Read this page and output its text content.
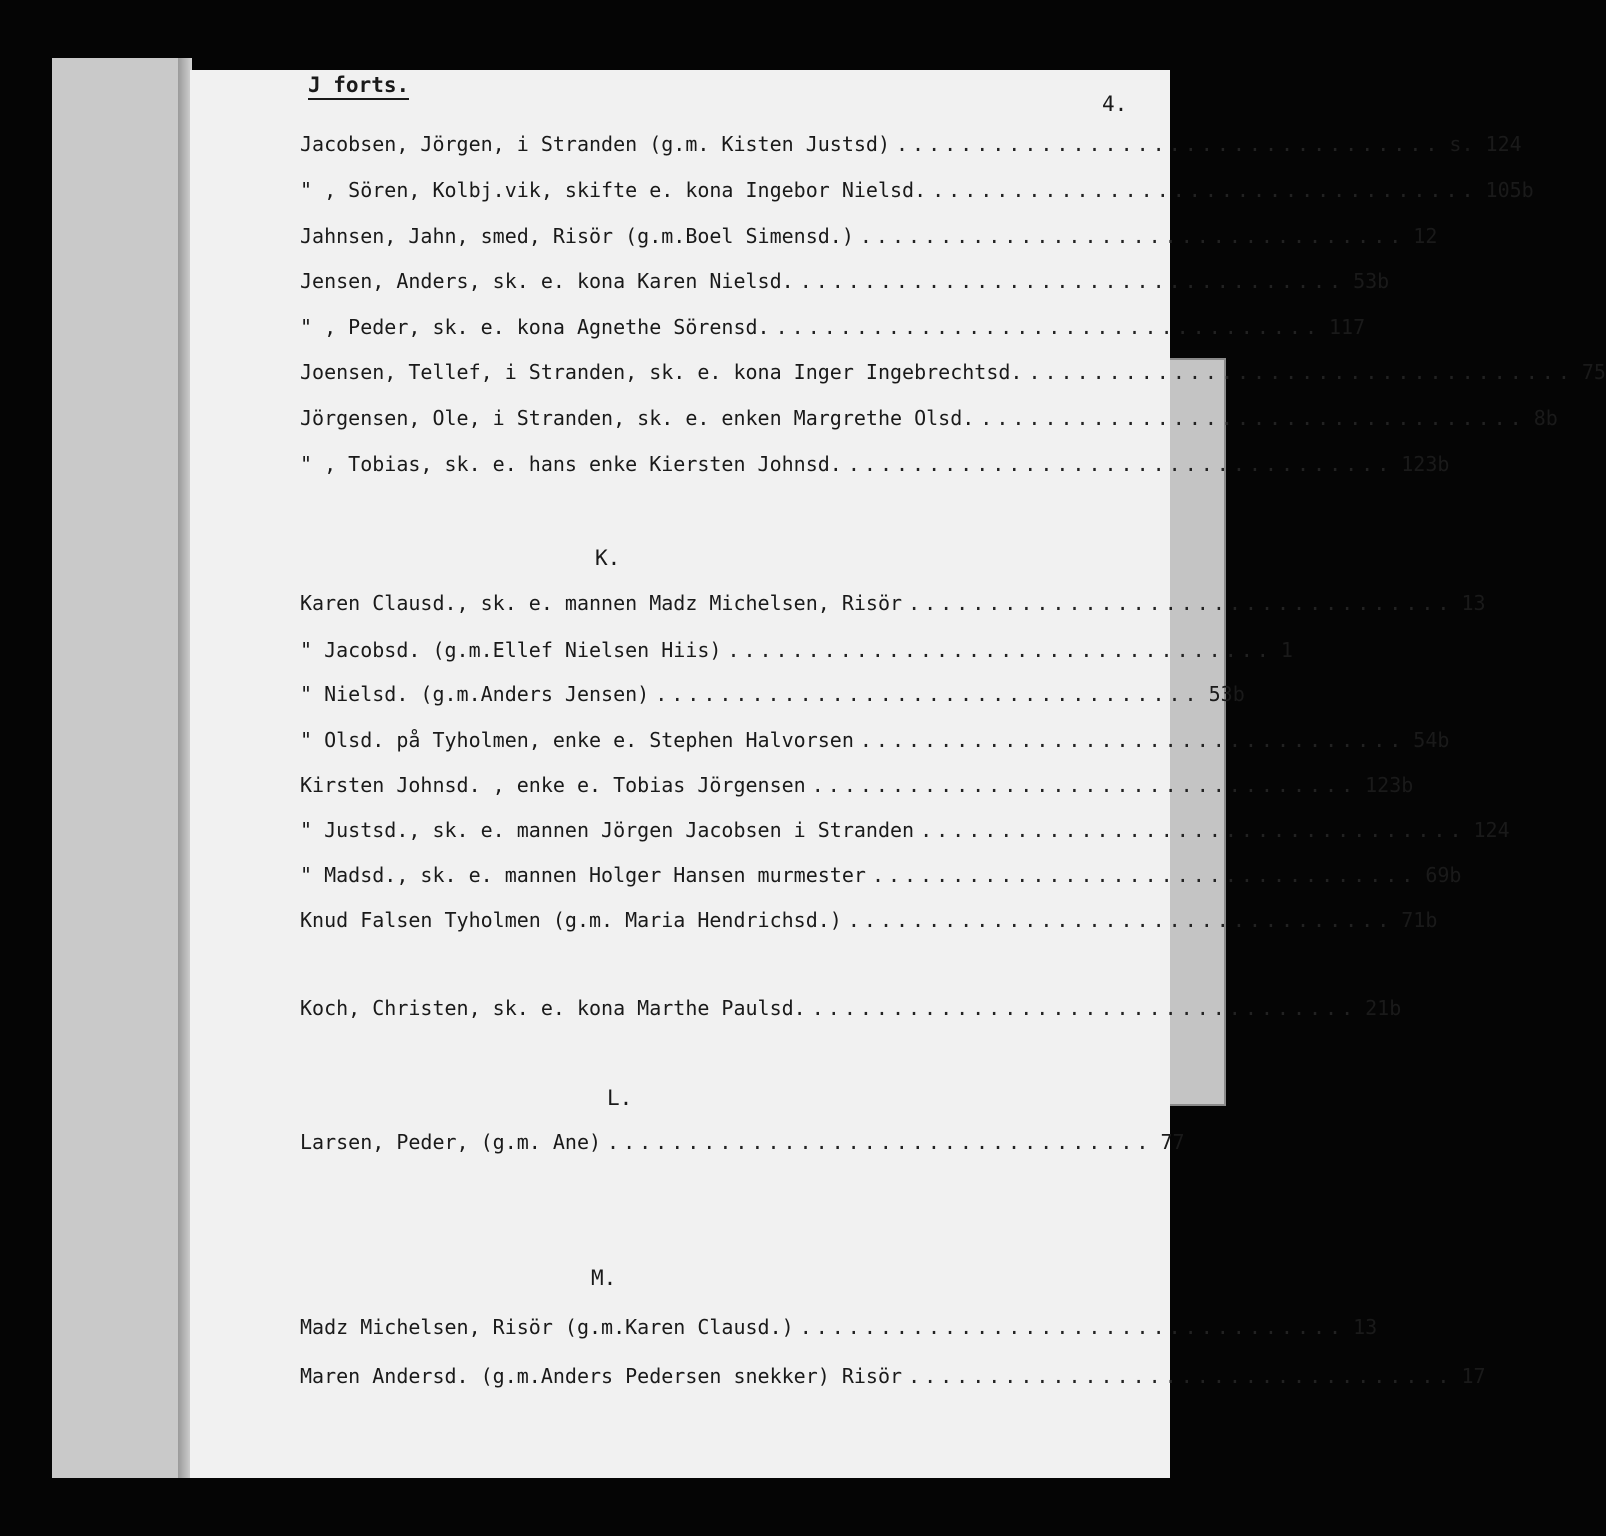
J forts.
4.
Jacobsen, Jörgen, i Stranden (g.m. Kisten Justsd) .................................. s. 124
" , Sören, Kolbj.vik, skifte e. kona Ingebor Nielsd. .................................. 105b
Jahnsen, Jahn, smed, Risör (g.m.Boel Simensd.) .................................. 12
Jensen, Anders, sk. e. kona Karen Nielsd. .................................. 53b
" , Peder, sk. e. kona Agnethe Sörensd. .................................. 117
Joensen, Tellef, i Stranden, sk. e. kona Inger Ingebrechtsd. .................................. 75
Jörgensen, Ole, i Stranden, sk. e. enken Margrethe Olsd. .................................. 8b
" , Tobias, sk. e. hans enke Kiersten Johnsd. .................................. 123b
K.
Karen Clausd., sk. e. mannen Madz Michelsen, Risör .................................. 13
" Jacobsd. (g.m.Ellef Nielsen Hiis) .................................. 1
" Nielsd. (g.m.Anders Jensen) .................................. 53b
" Olsd. på Tyholmen, enke e. Stephen Halvorsen .................................. 54b
Kirsten Johnsd. , enke e. Tobias Jörgensen .................................. 123b
" Justsd., sk. e. mannen Jörgen Jacobsen i Stranden .................................. 124
" Madsd., sk. e. mannen Holger Hansen murmester .................................. 69b
Knud Falsen Tyholmen (g.m. Maria Hendrichsd.) .................................. 71b
Koch, Christen, sk. e. kona Marthe Paulsd. .................................. 21b
L.
Larsen, Peder, (g.m. Ane) .................................. 77
M.
Madz Michelsen, Risör (g.m.Karen Clausd.) .................................. 13
Maren Andersd. (g.m.Anders Pedersen snekker) Risör .................................. 17
